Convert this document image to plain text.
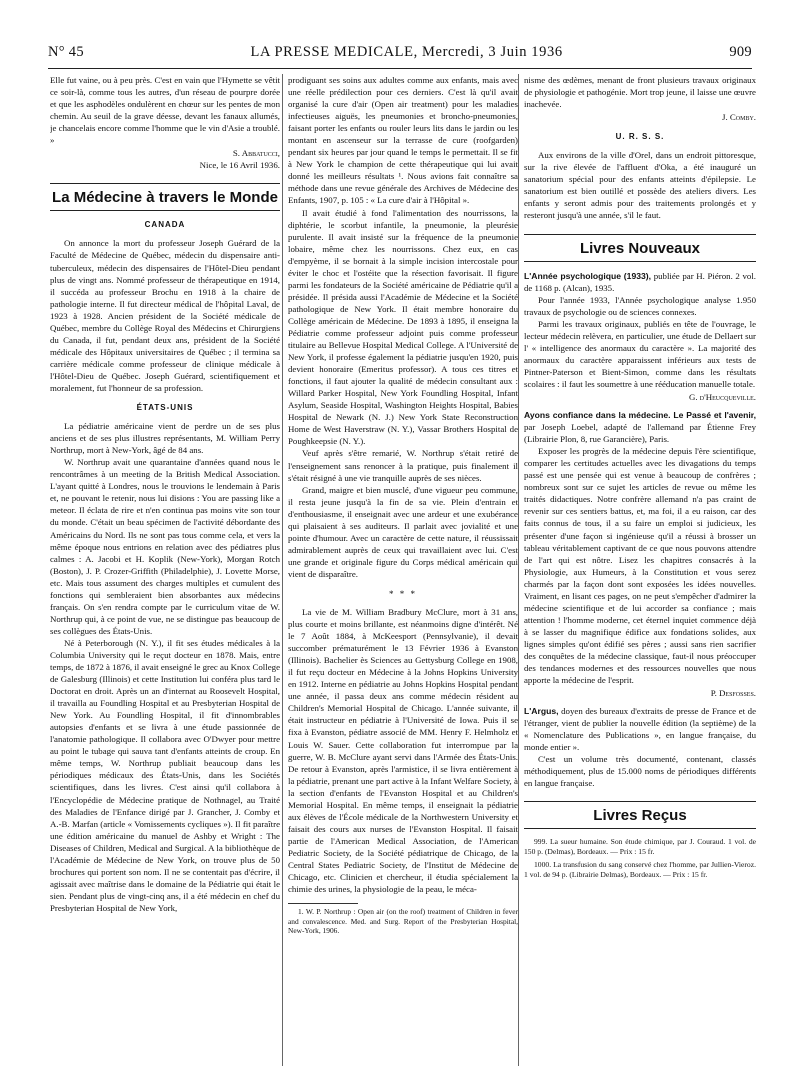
N° 45	LA PRESSE MEDICALE, Mercredi, 3 Juin 1936	909

Elle fut vaine, ou à peu près. C'est en vain que l'Hymette se vêtit ce soir-là, comme tous les autres, d'un réseau de pourpre dorée et que les asphodèles ondulèrent en chœur sur les pentes de mon chemin. Au seuil de la grave déesse, devant les fanaux allumés, je chancelais encore comme l'homme que le vin d'Asie a troublé. »

S. Abbatucci,

Nice, le 16 Avril 1936.

La Médecine à travers le Monde
CANADA

On annonce la mort du professeur Joseph Guérard de la Faculté de Médecine de Québec, médecin du dispensaire anti-tuberculeux, médecin des dispensaires de l'Hôtel-Dieu pendant plus de vingt ans. Nommé professeur de thérapeutique en 1914, il succéda au professeur Brochu en 1918 à la chaire de pathologie interne. Il fut directeur médical de l'hôpital Laval, de 1923 à 1928. Ancien président de la Société médicale de Québec, membre du Collège Royal des Médecins et Chirurgiens du Canada, il fut, pendant deux ans, président de la Société médicale des Hôpitaux universitaires de Québec ; il termina sa carrière médicale comme professeur de clinique médicale à l'Hôtel-Dieu de Québec. Joseph Guérard, scientifiquement et moralement, fut l'honneur de sa profession.

ÉTATS-UNIS

La pédiatrie américaine vient de perdre un de ses plus anciens et de ses plus illustres représentants, M. William Perry Northrup, mort à New-York, âgé de 84 ans.

W. Northrup avait une quarantaine d'années quand nous le rencontrâmes à un meeting de la British Medical Association. L'ayant quitté à Londres, nous le trouvions le lendemain à Paris et, ne pouvant le retenir, nous lui disions : You are passing like a meteor. Il éclata de rire et n'en continua pas moins vite son tour du monde. C'était un beau spécimen de l'activité débordante des Américains du Nord. Ils ne sont pas tous comme cela, et vers la même époque nous entrions en relation avec des pédiatres plus calmes : A. Jacobi et H. Koplik (New-York), Morgan Rotch (Boston), J. P. Crozer-Griffith (Philadelphie), J. Lovette Morse, etc. Mais tous assument des charges multiples et cumulent des fonctions qui sembleraient bien absorbantes aux médecins français. On s'en rendra compte par le curriculum vitae de W. Northrup qui, à ce point de vue, ne se distingue pas beaucoup de ses collègues des États-Unis.

Né à Peterborough (N. Y.), il fit ses études médicales à la Columbia University qui le reçut docteur en 1878. Mais, entre temps, de 1872 à 1876, il avait enseigné le grec au Knox College de Galesburg (Illinois) et cette Institution lui conféra plus tard le Doctorat en droit. Après un an d'internat au Roosevelt Hospital, il travailla au Foundling Hospital et au Presbyterian Hospital de New York. Au Foundling Hospital, il fit d'innombrables autopsies d'enfants et se livra à une étude passionnée de l'anatomie pathologique. Il collabora avec O'Dwyer pour mettre au point le tubage qui sauva tant d'enfants atteints de croup. En même temps, W. Northrup publiait beaucoup dans les périodiques médicaux des États-Unis, dans les Sociétés scientifiques, dans les livres. C'est ainsi qu'il collabora à l'Encyclopédie de Médecine pratique de Nothnagel, au Traité des Maladies de l'Enfance dirigé par J. Grancher, J. Comby et A.-B. Marfan (article « Vomissements cycliques »). Il fit paraître une édition américaine du manuel de Ashby et Wright : The Diseases of Children, Medical and Surgical. A la bibliothèque de l'Académie de Médecine de New York, on trouve plus de 50 brochures qui portent son nom. Il ne se contentait pas d'écrire, il agissait avec maîtrise dans le domaine de la Pédiatrie qui était le sien. Pendant plus de vingt-cinq ans, il a été médecin en chef du Presbyterian Hospital de New York,

prodiguant ses soins aux adultes comme aux enfants, mais avec une réelle prédilection pour ces derniers. C'est là qu'il avait organisé la cure d'air (Open air treatment) pour les maladies infectieuses aiguës, les pneumonies et broncho-pneumonies, faisant porter les enfants ou rouler leurs lits dans le jardin ou les montant en ascenseur sur la terrasse de cure (roofgarden) pendant six heures par jour quand le temps le permettait. Il se fit à New York le champion de cette thérapeutique qui lui avait donné les meilleurs résultats ¹. Nous avions fait connaître sa méthode dans une revue générale des Archives de Médecine des Enfants, 1907, p. 105 : « La cure d'air à l'Hôpital ».

Il avait étudié à fond l'alimentation des nourrissons, la diphtérie, le scorbut infantile, la pneumonie, la pleurésie purulente. Il avait insisté sur la fréquence de la pneumonie lobaire, même chez les nourrissons. Chez eux, en cas d'empyème, il se bornait à la simple incision intercostale pour éviter le choc et l'ostéite que la résection favorisait. Il figure parmi les fondateurs de la Société américaine de Pédiatrie qu'il a présidée. Il présida aussi l'Académie de Médecine et la Société pathologique de New York. Il était membre honoraire du Collège américain de Médecine. De 1893 à 1895, il enseigna la Pédiatrie comme professeur adjoint puis comme professeur titulaire au Bellevue Hospital Medical College. A l'Université de New York, il professe également la pédiatrie jusqu'en 1920, puis devient honoraire (Emeritus professor). A tous ces titres et fonctions, il faut ajouter la qualité de médecin consultant aux : Willard Parker Hospital, New York Foundling Hospital, Infant Asylum, Seaside Hospital, Washington Heights Hospital, Babies Hospital de Newark (N. J.) New York State Reconstruction Home de West Haverstraw (N. Y.), Vassar Brothers Hospital de Poughkeepsie (N. Y.).

Veuf après s'être remarié, W. Northrup s'était retiré de l'enseignement sans renoncer à la pratique, puis finalement il s'était résigné à une vie tranquille auprès de ses nièces.

Grand, maigre et bien musclé, d'une vigueur peu commune, il resta jeune jusqu'à la fin de sa vie. Plein d'entrain et d'enthousiasme, il enseignait avec une ardeur et une exubérance qui plaisaient à ses auditeurs. Il parlait avec jovialité et une pointe d'humour. Avec un caractère de cette nature, il réussissait admirablement auprès de ceux qui travaillaient avec lui. C'est une grande et originale figure du Corps médical américain qui vient de disparaître.

* * *

La vie de M. William Bradbury McClure, mort à 31 ans, plus courte et moins brillante, est néanmoins digne d'intérêt. Né le 7 Août 1884, à McKeesport (Pennsylvanie), il devait succomber prématurément le 13 Février 1936 à Evanston (Illinois). Bachelier ès Sciences au Gettysburg College en 1908, il fut reçu docteur en Médecine à la Johns Hopkins University en 1912. Interne en pédiatrie au Johns Hopkins Hospital pendant une année, il passa deux ans comme médecin résident au Children's Memorial Hospital de Chicago. L'année suivante, il était instructeur en pédiatrie à l'Université de Iowa. Puis il se fixa à Evanston, pédiatre associé de MM. Henry F. Helmholz et Louis W. Sauer. Cette collaboration fut interrompue par la guerre, W. B. McClure ayant servi dans l'Armée des États-Unis. De retour à Evanston, après l'armistice, il se livra entièrement à la pédiatrie, prenant une part active à la Infant Welfare Society, à la section d'enfants de l'Evanston Hospital et au Children's Memorial Hospital. En même temps, il enseignait la pédiatrie aux élèves de l'École médicale de la Northwestern University et faisait des cours aux nurses de l'Evanston Hospital. Il faisait partie de l'American Medical Association, de l'American Pediatric Society, de la Société pédiatrique de Chicago, de la Central States Pediatric Society, de l'Institut de Médecine de Chicago, etc. Clinicien et chercheur, il étudia spécialement la chimie des urines, la physiologie de la peau, le méca-

1. W. P. Northrup : Open air (on the roof) treatment of Children in fever and convalescence. Med. and Surg. Report of the Presbyterian Hospital, New-York, 1906.

nisme des œdèmes, menant de front plusieurs travaux originaux de physiologie et pathogénie. Mort trop jeune, il laisse une œuvre inachevée.

J. Comby.

U. R. S. S.

Aux environs de la ville d'Orel, dans un endroit pittoresque, sur la rive élevée de l'affluent d'Oka, a été inauguré un sanatorium spécial pour des enfants atteints d'épilepsie. Le sanatorium est bien outillé et possède des ateliers divers. Les enfants y seront admis pour des traitements prolongés et y resteront jusqu'à une année, s'il le faut.

Livres Nouveaux

L'Année psychologique (1933), publiée par H. Piéron. 2 vol. de 1168 p. (Alcan), 1935.

Pour l'année 1933, l'Année psychologique analyse 1.950 travaux de psychologie ou de sciences connexes.

Parmi les travaux originaux, publiés en tête de l'ouvrage, le lecteur médecin relèvera, en particulier, une étude de Dellaert sur l' « intelligence des anormaux du caractère ». La majorité des anormaux du caractère apparaissent inférieurs aux tests de Pintner-Paterson et Bient-Simon, comme dans les résultats scolaires : il faut les soumettre à une rééducation manuelle totale.

G. d'Heucqueville.

Ayons confiance dans la médecine. Le Passé et l'avenir, par Joseph Loebel, adapté de l'allemand par Étienne Frey (Librairie Plon, 8, rue Garancière), Paris.

Exposer les progrès de la médecine depuis l'ère scientifique, comparer les certitudes actuelles avec les divagations du temps passé est une pensée qui est venue à beaucoup de confrères ; nombreux sont sur ce sujet les articles de revue ou même les traités didactiques. Notre confrère allemand n'a pas craint de revenir sur ces sentiers battus, et, ma foi, il a eu raison, car des faits connus de tous, il a su faire un emploi si judicieux, les présenter d'une façon si ingénieuse qu'il a réussi à brosser un tableau véritablement captivant de ce que nous pouvons attendre de l'art qui est nôtre. Lisez les chapitres consacrés à la Physiologie, aux Humeurs, à la Constitution et vous serez charmés par la façon dont sont exposées les idées nouvelles. Vraiment, en lisant ces pages, on ne peut s'empêcher d'admirer la médecine scientifique et de lui accorder sa confiance ; mais attention ! l'homme moderne, cet éternel inquiet commence déjà à se lasser du magnifique édifice aux fondations solides, aux lignes simples qu'ont édifié ses pères ; aussi sans rien sacrifier des conquêtes de la médecine classique, faut-il nous préoccuper des tendances modernes et des ressources nouvelles que nous apporte la médecine de l'esprit.

P. Desfosses.

L'Argus, doyen des bureaux d'extraits de presse de France et de l'étranger, vient de publier la nouvelle édition (la septième) de la « Nomenclature des Publications », en langue française, du monde entier ».

C'est un volume très documenté, contenant, classés méthodiquement, plus de 15.000 noms de périodiques différents en langue française.

Livres Reçus

999. La sueur humaine. Son étude chimique, par J. Couraud. 1 vol. de 150 p. (Delmas), Bordeaux. — Prix : 15 fr.

1000. La transfusion du sang conservé chez l'homme, par Jullien-Vieroz. 1 vol. de 94 p. (Librairie Delmas), Bordeaux. — Prix : 15 fr.
